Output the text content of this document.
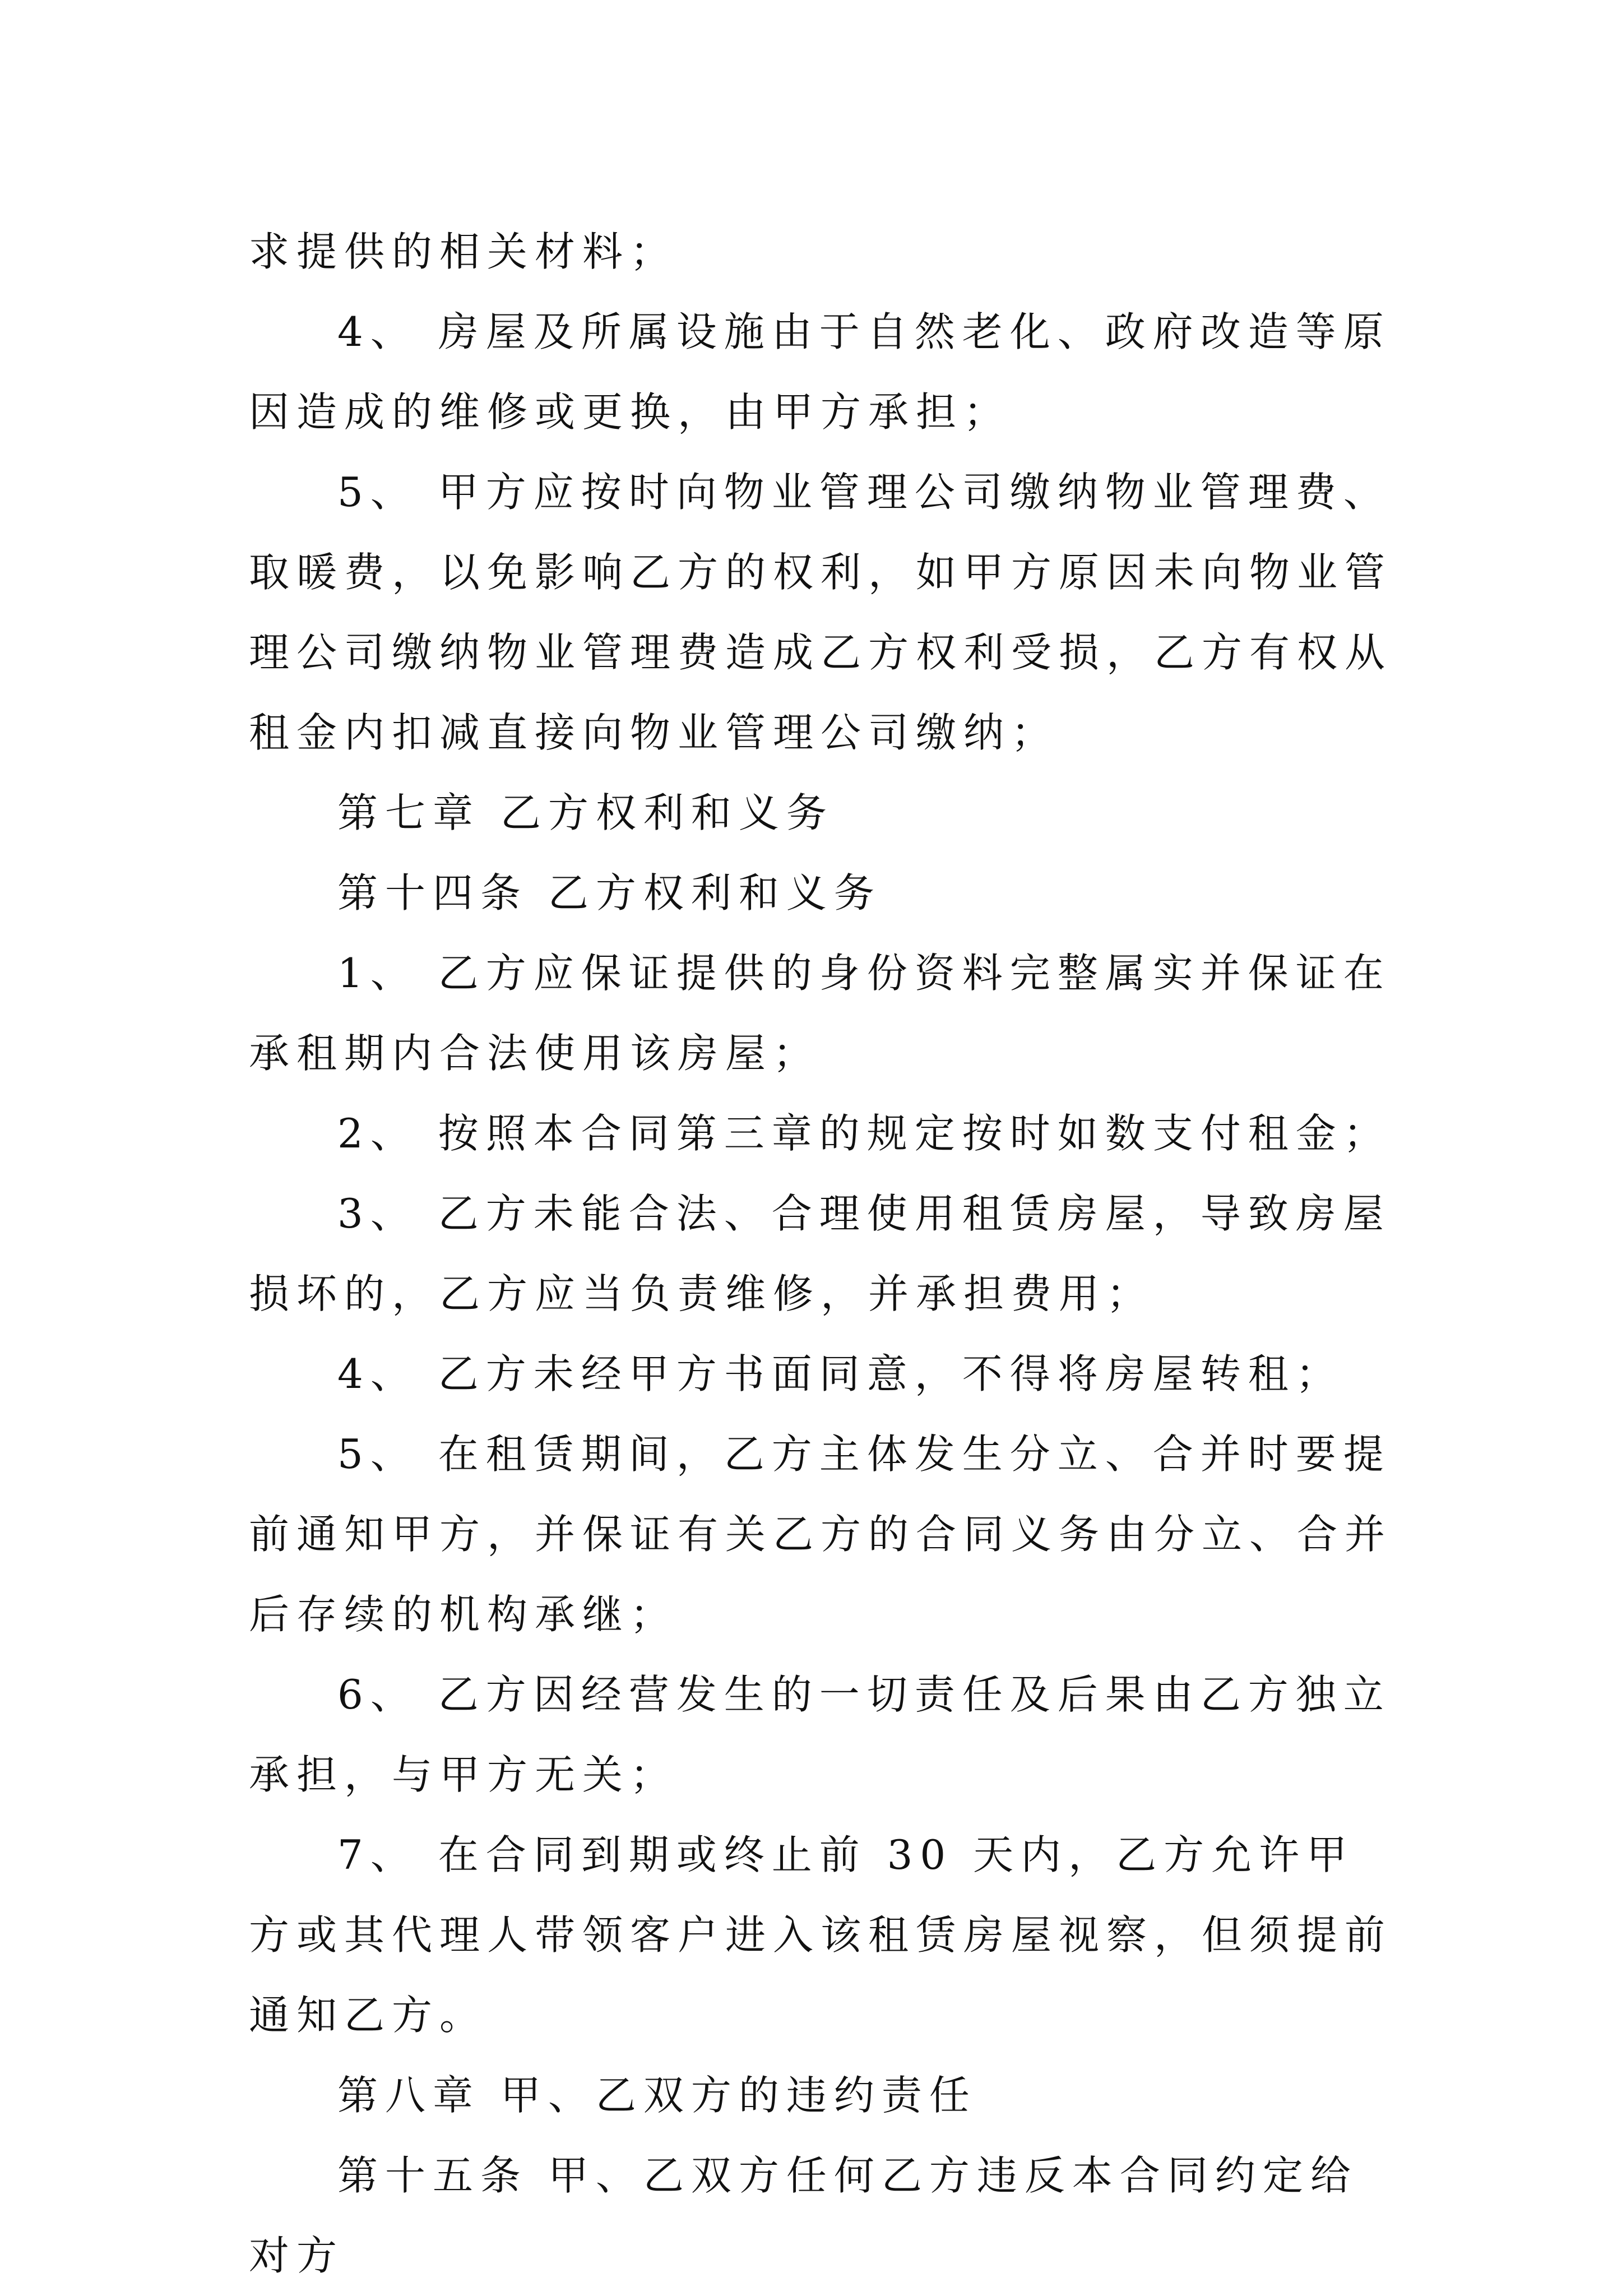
求提供的相关材料；

4、 房屋及所属设施由于自然老化、政府改造等原因造成的维修或更换，由甲方承担；

5、 甲方应按时向物业管理公司缴纳物业管理费、取暖费，以免影响乙方的权利，如甲方原因未向物业管理公司缴纳物业管理费造成乙方权利受损，乙方有权从租金内扣减直接向物业管理公司缴纳；

第七章 乙方权利和义务

第十四条 乙方权利和义务

1、 乙方应保证提供的身份资料完整属实并保证在承租期内合法使用该房屋；

2、 按照本合同第三章的规定按时如数支付租金；

3、 乙方未能合法、合理使用租赁房屋，导致房屋损坏的，乙方应当负责维修，并承担费用；

4、 乙方未经甲方书面同意，不得将房屋转租；

5、 在租赁期间，乙方主体发生分立、合并时要提前通知甲方，并保证有关乙方的合同义务由分立、合并后存续的机构承继；

6、 乙方因经营发生的一切责任及后果由乙方独立承担，与甲方无关；

7、 在合同到期或终止前 30 天内，乙方允许甲方或其代理人带领客户进入该租赁房屋视察，但须提前通知乙方。

第八章 甲、乙双方的违约责任

第十五条 甲、乙双方任何乙方违反本合同约定给对方
